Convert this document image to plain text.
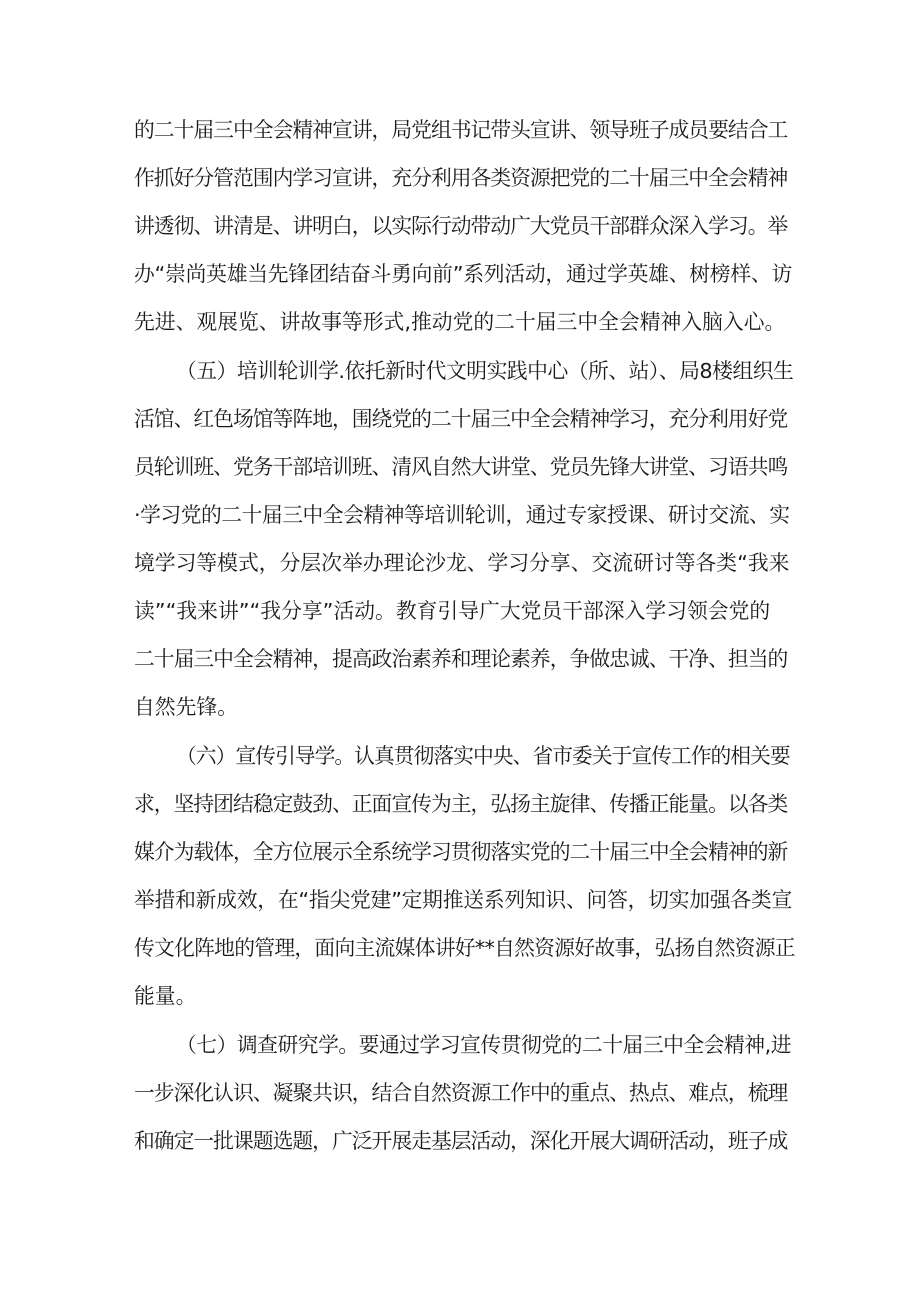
的二十届三中全会精神宣讲，局党组书记带头宣讲、领导班子成员要结合工
作抓好分管范围内学习宣讲，充分利用各类资源把党的二十届三中全会精神
讲透彻、讲清是、讲明白，以实际行动带动广大党员干部群众深入学习。举
办“崇尚英雄当先锋团结奋斗勇向前”系列活动，通过学英雄、树榜样、访
先进、观展览、讲故事等形式,推动党的二十届三中全会精神入脑入心。
（五）培训轮训学.依托新时代文明实践中心（所、站）、局8楼组织生
活馆、红色场馆等阵地，围绕党的二十届三中全会精神学习，充分利用好党
员轮训班、党务干部培训班、清风自然大讲堂、党员先锋大讲堂、习语共鸣
·学习党的二十届三中全会精神等培训轮训，通过专家授课、研讨交流、实
境学习等模式，分层次举办理论沙龙、学习分享、交流研讨等各类“我来
读”“我来讲”“我分享”活动。教育引导广大党员干部深入学习领会党的
二十届三中全会精神，提高政治素养和理论素养，争做忠诚、干净、担当的
自然先锋。
（六）宣传引导学。认真贯彻落实中央、省市委关于宣传工作的相关要
求，坚持团结稳定鼓劲、正面宣传为主，弘扬主旋律、传播正能量。以各类
媒介为载体，全方位展示全系统学习贯彻落实党的二十届三中全会精神的新
举措和新成效，在“指尖党建”定期推送系列知识、问答，切实加强各类宣
传文化阵地的管理，面向主流媒体讲好**自然资源好故事，弘扬自然资源正
能量。
（七）调查研究学。要通过学习宣传贯彻党的二十届三中全会精神,进
一步深化认识、凝聚共识，结合自然资源工作中的重点、热点、难点，梳理
和确定一批课题选题，广泛开展走基层活动，深化开展大调研活动，班子成
